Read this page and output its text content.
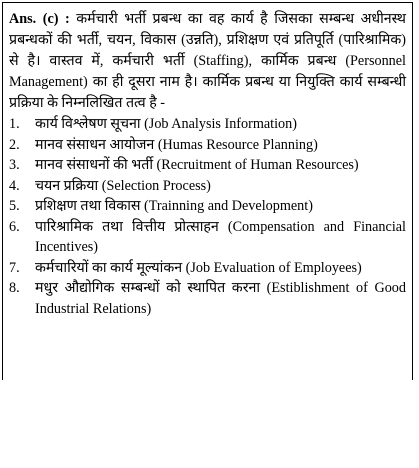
Ans. (c) : कर्मचारी भर्ती प्रबन्ध का वह कार्य है जिसका सम्बन्ध अधीनस्थ प्रबन्धकों की भर्ती, चयन, विकास (उन्नति), प्रशिक्षण एवं प्रतिपूर्ति (पारिश्रामिक) से है। वास्तव में, कर्मचारी भर्ती (Staffing), कार्मिक प्रबन्ध (Personnel Management) का ही दूसरा नाम है। कार्मिक प्रबन्ध या नियुक्ति कार्य सम्बन्धी प्रक्रिया के निम्नलिखित तत्व है -

1. कार्य विश्लेषण सूचना (Job Analysis Information)
2. मानव संसाधन आयोजन (Humas Resource Planning)
3. मानव संसाधनों की भर्ती (Recruitment of Human Resources)
4. चयन प्रक्रिया (Selection Process)
5. प्रशिक्षण तथा विकास (Trainning and Development)
6. पारिश्रामिक तथा वित्तीय प्रोत्साहन (Compensation and Financial Incentives)
7. कर्मचारियों का कार्य मूल्यांकन (Job Evaluation of Employees)
8. मधुर औद्योगिक सम्बन्धों को स्थापित करना (Estiblishment of Good Industrial Relations)
